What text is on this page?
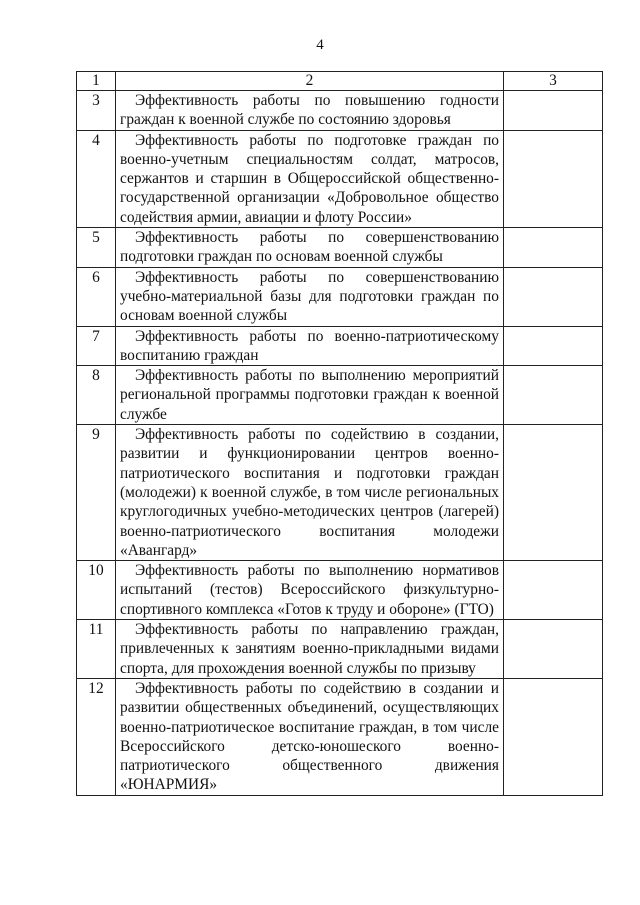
4
1	2	3
3	Эффективность работы по повышению годности граждан к военной службе по состоянию здоровья	
4	Эффективность работы по подготовке граждан по военно-учетным специальностям солдат, матросов, сержантов и старшин в Общероссийской общественно-государственной организации «Добровольное общество содействия армии, авиации и флоту России»	
5	Эффективность работы по совершенствованию подготовки граждан по основам военной службы	
6	Эффективность работы по совершенствованию учебно-материальной базы для подготовки граждан по основам военной службы	
7	Эффективность работы по военно-патриотическому воспитанию граждан	
8	Эффективность работы по выполнению мероприятий региональной программы подготовки граждан к военной службе	
9	Эффективность работы по содействию в создании, развитии и функционировании центров военно-патриотического воспитания и подготовки граждан (молодежи) к военной службе, в том числе региональных круглогодичных учебно-методических центров (лагерей) военно-патриотического воспитания молодежи «Авангард»	
10	Эффективность работы по выполнению нормативов испытаний (тестов) Всероссийского физкультурно-спортивного комплекса «Готов к труду и обороне» (ГТО)	
11	Эффективность работы по направлению граждан, привлеченных к занятиям военно-прикладными видами спорта, для прохождения военной службы по призыву	
12	Эффективность работы по содействию в создании и развитии общественных объединений, осуществляющих военно-патриотическое воспитание граждан, в том числе Всероссийского детско-юношеского военно-патриотического общественного движения «ЮНАРМИЯ»	
